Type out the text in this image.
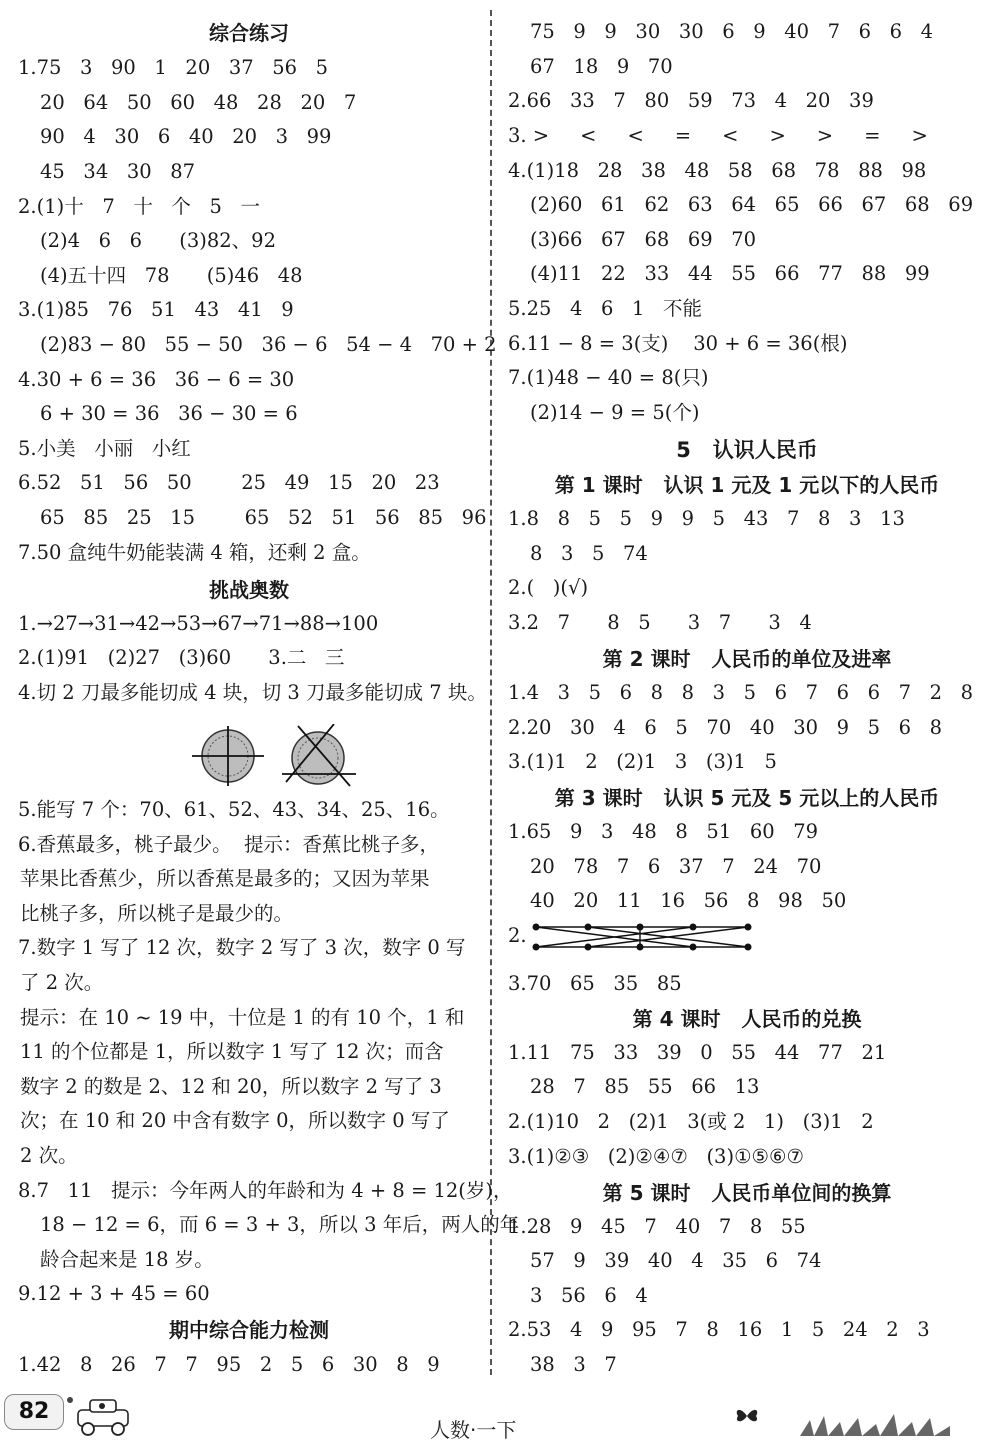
综合练习
1.75   3   90   1   20   37   56   5
20   64   50   60   48   28   20   7
90   4   30   6   40   20   3   99
45   34   30   87
2.(1)十   7   十   个   5   一
(2)4   6   6      (3)82、92
(4)五十四   78      (5)46   48
3.(1)85   76   51   43   41   9
(2)83 − 80   55 − 50   36 − 6   54 − 4   70 + 2
4.30 + 6 = 36   36 − 6 = 30
6 + 30 = 36   36 − 30 = 6
5.小美   小丽   小红
6.52   51   56   50        25   49   15   20   23
65   85   25   15        65   52   51   56   85   96
7.50 盒纯牛奶能装满 4 箱，还剩 2 盒。
挑战奥数
1.→27→31→42→53→67→71→88→100
2.(1)91   (2)27   (3)60      3.二   三
4.切 2 刀最多能切成 4 块，切 3 刀最多能切成 7 块。
5.能写 7 个：70、61、52、43、34、25、16。
6.香蕉最多，桃子最少。  提示：香蕉比桃子多，
苹果比香蕉少，所以香蕉是最多的；又因为苹果
比桃子多，所以桃子是最少的。
7.数字 1 写了 12 次，数字 2 写了 3 次，数字 0 写
了 2 次。
提示：在 10 ~ 19 中，十位是 1 的有 10 个，1 和
11 的个位都是 1，所以数字 1 写了 12 次；而含
数字 2 的数是 2、12 和 20，所以数字 2 写了 3
次；在 10 和 20 中含有数字 0，所以数字 0 写了
2 次。
8.7   11   提示：今年两人的年龄和为 4 + 8 = 12(岁)，
18 − 12 = 6，而 6 = 3 + 3，所以 3 年后，两人的年
龄合起来是 18 岁。
9.12 + 3 + 45 = 60
期中综合能力检测
1.42   8   26   7   7   95   2   5   6   30   8   9
75   9   9   30   30   6   9   40   7   6   6   4
67   18   9   70
2.66   33   7   80   59   73   4   20   39
3. >     <     <     =     <     >     >     =     >
4.(1)18   28   38   48   58   68   78   88   98
(2)60   61   62   63   64   65   66   67   68   69
(3)66   67   68   69   70
(4)11   22   33   44   55   66   77   88   99
5.25   4   6   1   不能
6.11 − 8 = 3(支)    30 + 6 = 36(根)
7.(1)48 − 40 = 8(只)
(2)14 − 9 = 5(个)
5   认识人民币
第 1 课时   认识 1 元及 1 元以下的人民币
1.8   8   5   5   9   9   5   43   7   8   3   13
8   3   5   74
2.(   )(√)
3.2   7      8   5      3   7      3   4
第 2 课时   人民币的单位及进率
1.4   3   5   6   8   8   3   5   6   7   6   6   7   2   8
2.20   30   4   6   5   70   40   30   9   5   6   8
3.(1)1   2   (2)1   3   (3)1   5
第 3 课时   认识 5 元及 5 元以上的人民币
1.65   9   3   48   8   51   60   79
20   78   7   6   37   7   24   70
40   20   11   16   56   8   98   50
2.
3.70   65   35   85
第 4 课时   人民币的兑换
1.11   75   33   39   0   55   44   77   21
28   7   85   55   66   13
2.(1)10   2   (2)1   3(或 2   1)   (3)1   2
3.(1)②③   (2)②④⑦   (3)①⑤⑥⑦
第 5 课时   人民币单位间的换算
1.28   9   45   7   40   7   8   55
57   9   39   40   4   35   6   74
3   56   6   4
2.53   4   9   95   7   8   16   1   5   24   2   3
38   3   7
82
人数·一下
